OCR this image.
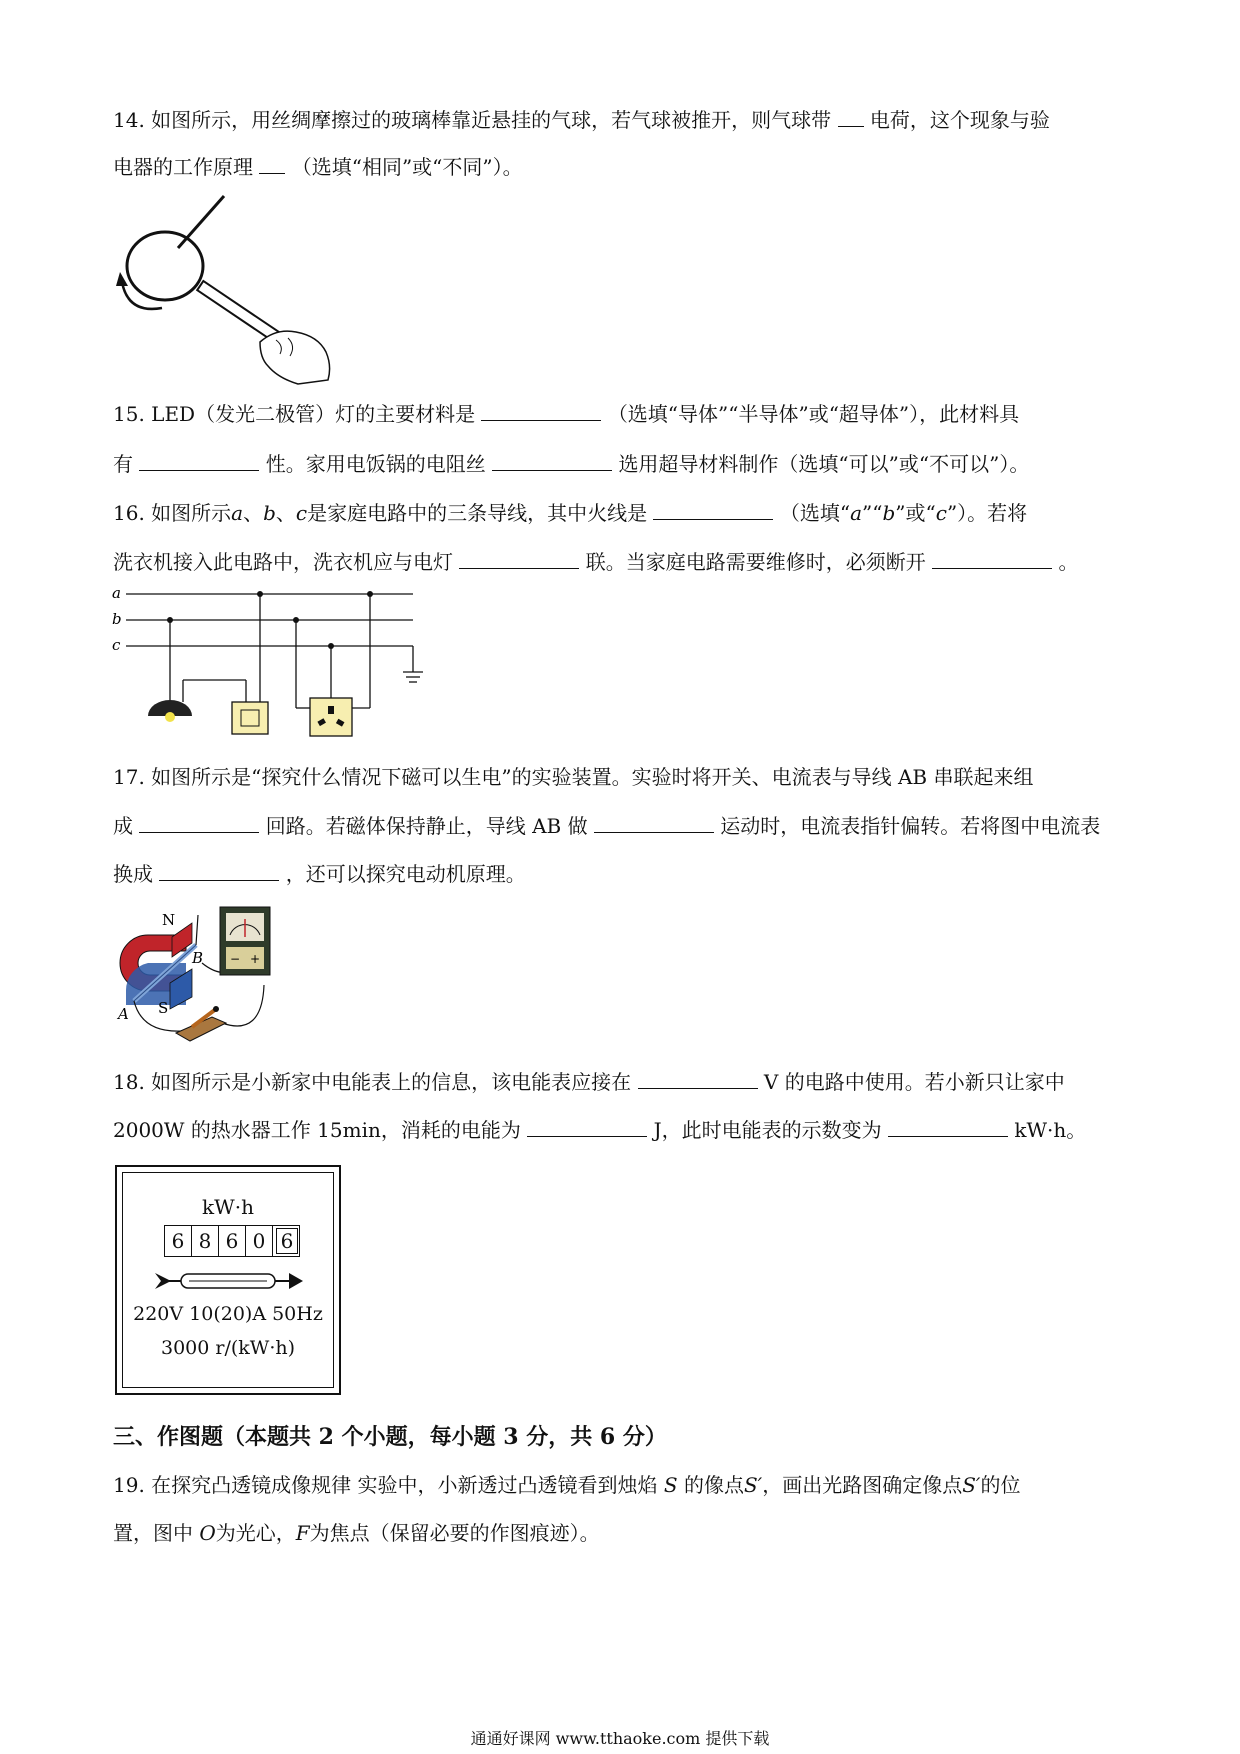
14. 如图所示，用丝绸摩擦过的玻璃棒靠近悬挂的气球，若气球被推开，则气球带 电荷，这个现象与验
电器的工作原理 （选填“相同”或“不同”）。
15. LED（发光二极管）灯的主要材料是	（选填“导体”“半导体”或“超导体”），此材料具
有	性。家用电饭锅的电阻丝	选用超导材料制作（选填“可以”或“不可以”）。
16. 如图所示a、b、c是家庭电路中的三条导线，其中火线是	（选填“a”“b”或“c”）。若将
洗衣机接入此电路中，洗衣机应与电灯	联。当家庭电路需要维修时，必须断开	。
a
b
c
17. 如图所示是“探究什么情况下磁可以生电”的实验装置。实验时将开关、电流表与导线 AB 串联起来组
成	回路。若磁体保持静止，导线 AB 做	运动时，电流表指针偏转。若将图中电流表
换成	，还可以探究电动机原理。
N
S
A
B − +
18. 如图所示是小新家中电能表上的信息，该电能表应接在	V 的电路中使用。若小新只让家中
2000W 的热水器工作 15min，消耗的电能为	J，此时电能表的示数变为	kW·h。
kW·h
6 8 6 0 6
220V 10(20)A 50Hz
3000 r/(kW·h)
三、作图题（本题共 2 个小题，每小题 3 分，共 6 分）
19. 在探究凸透镜成像规律 实验中，小新透过凸透镜看到烛焰 S 的像点S′，画出光路图确定像点S′的位
置，图中 O为光心，F为焦点（保留必要的作图痕迹）。
通通好课网 www.tthaoke.com 提供下载
